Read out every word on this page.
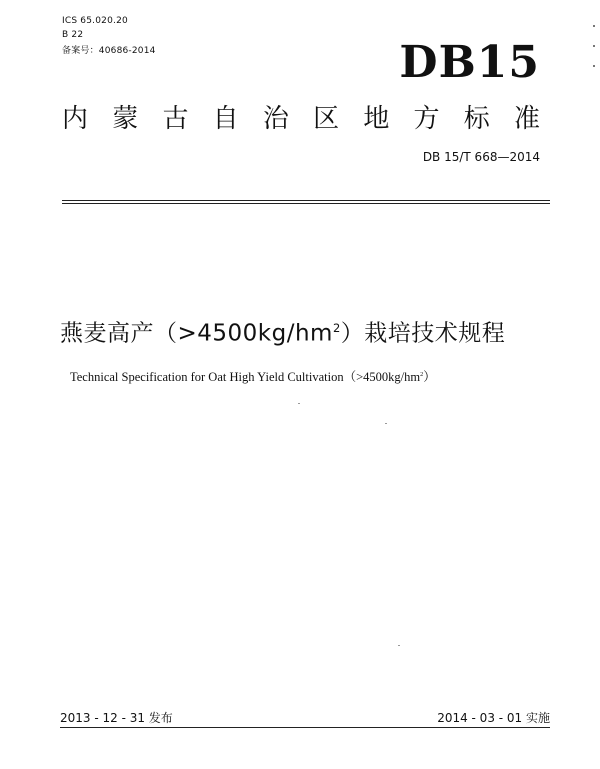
ICS 65.020.20
B 22
备案号：40686-2014	DB15
内 蒙 古 自 治 区 地 方 标 准
DB 15/T 668—2014
燕麦高产$(>4500kg/hm^2)$栽培技术规程
Technical Specification for Oat High Yield $Cultivation(>4500kg/hm^2)$
2013 - 12 - 31 发布	2014 - 03 - 01 实施
